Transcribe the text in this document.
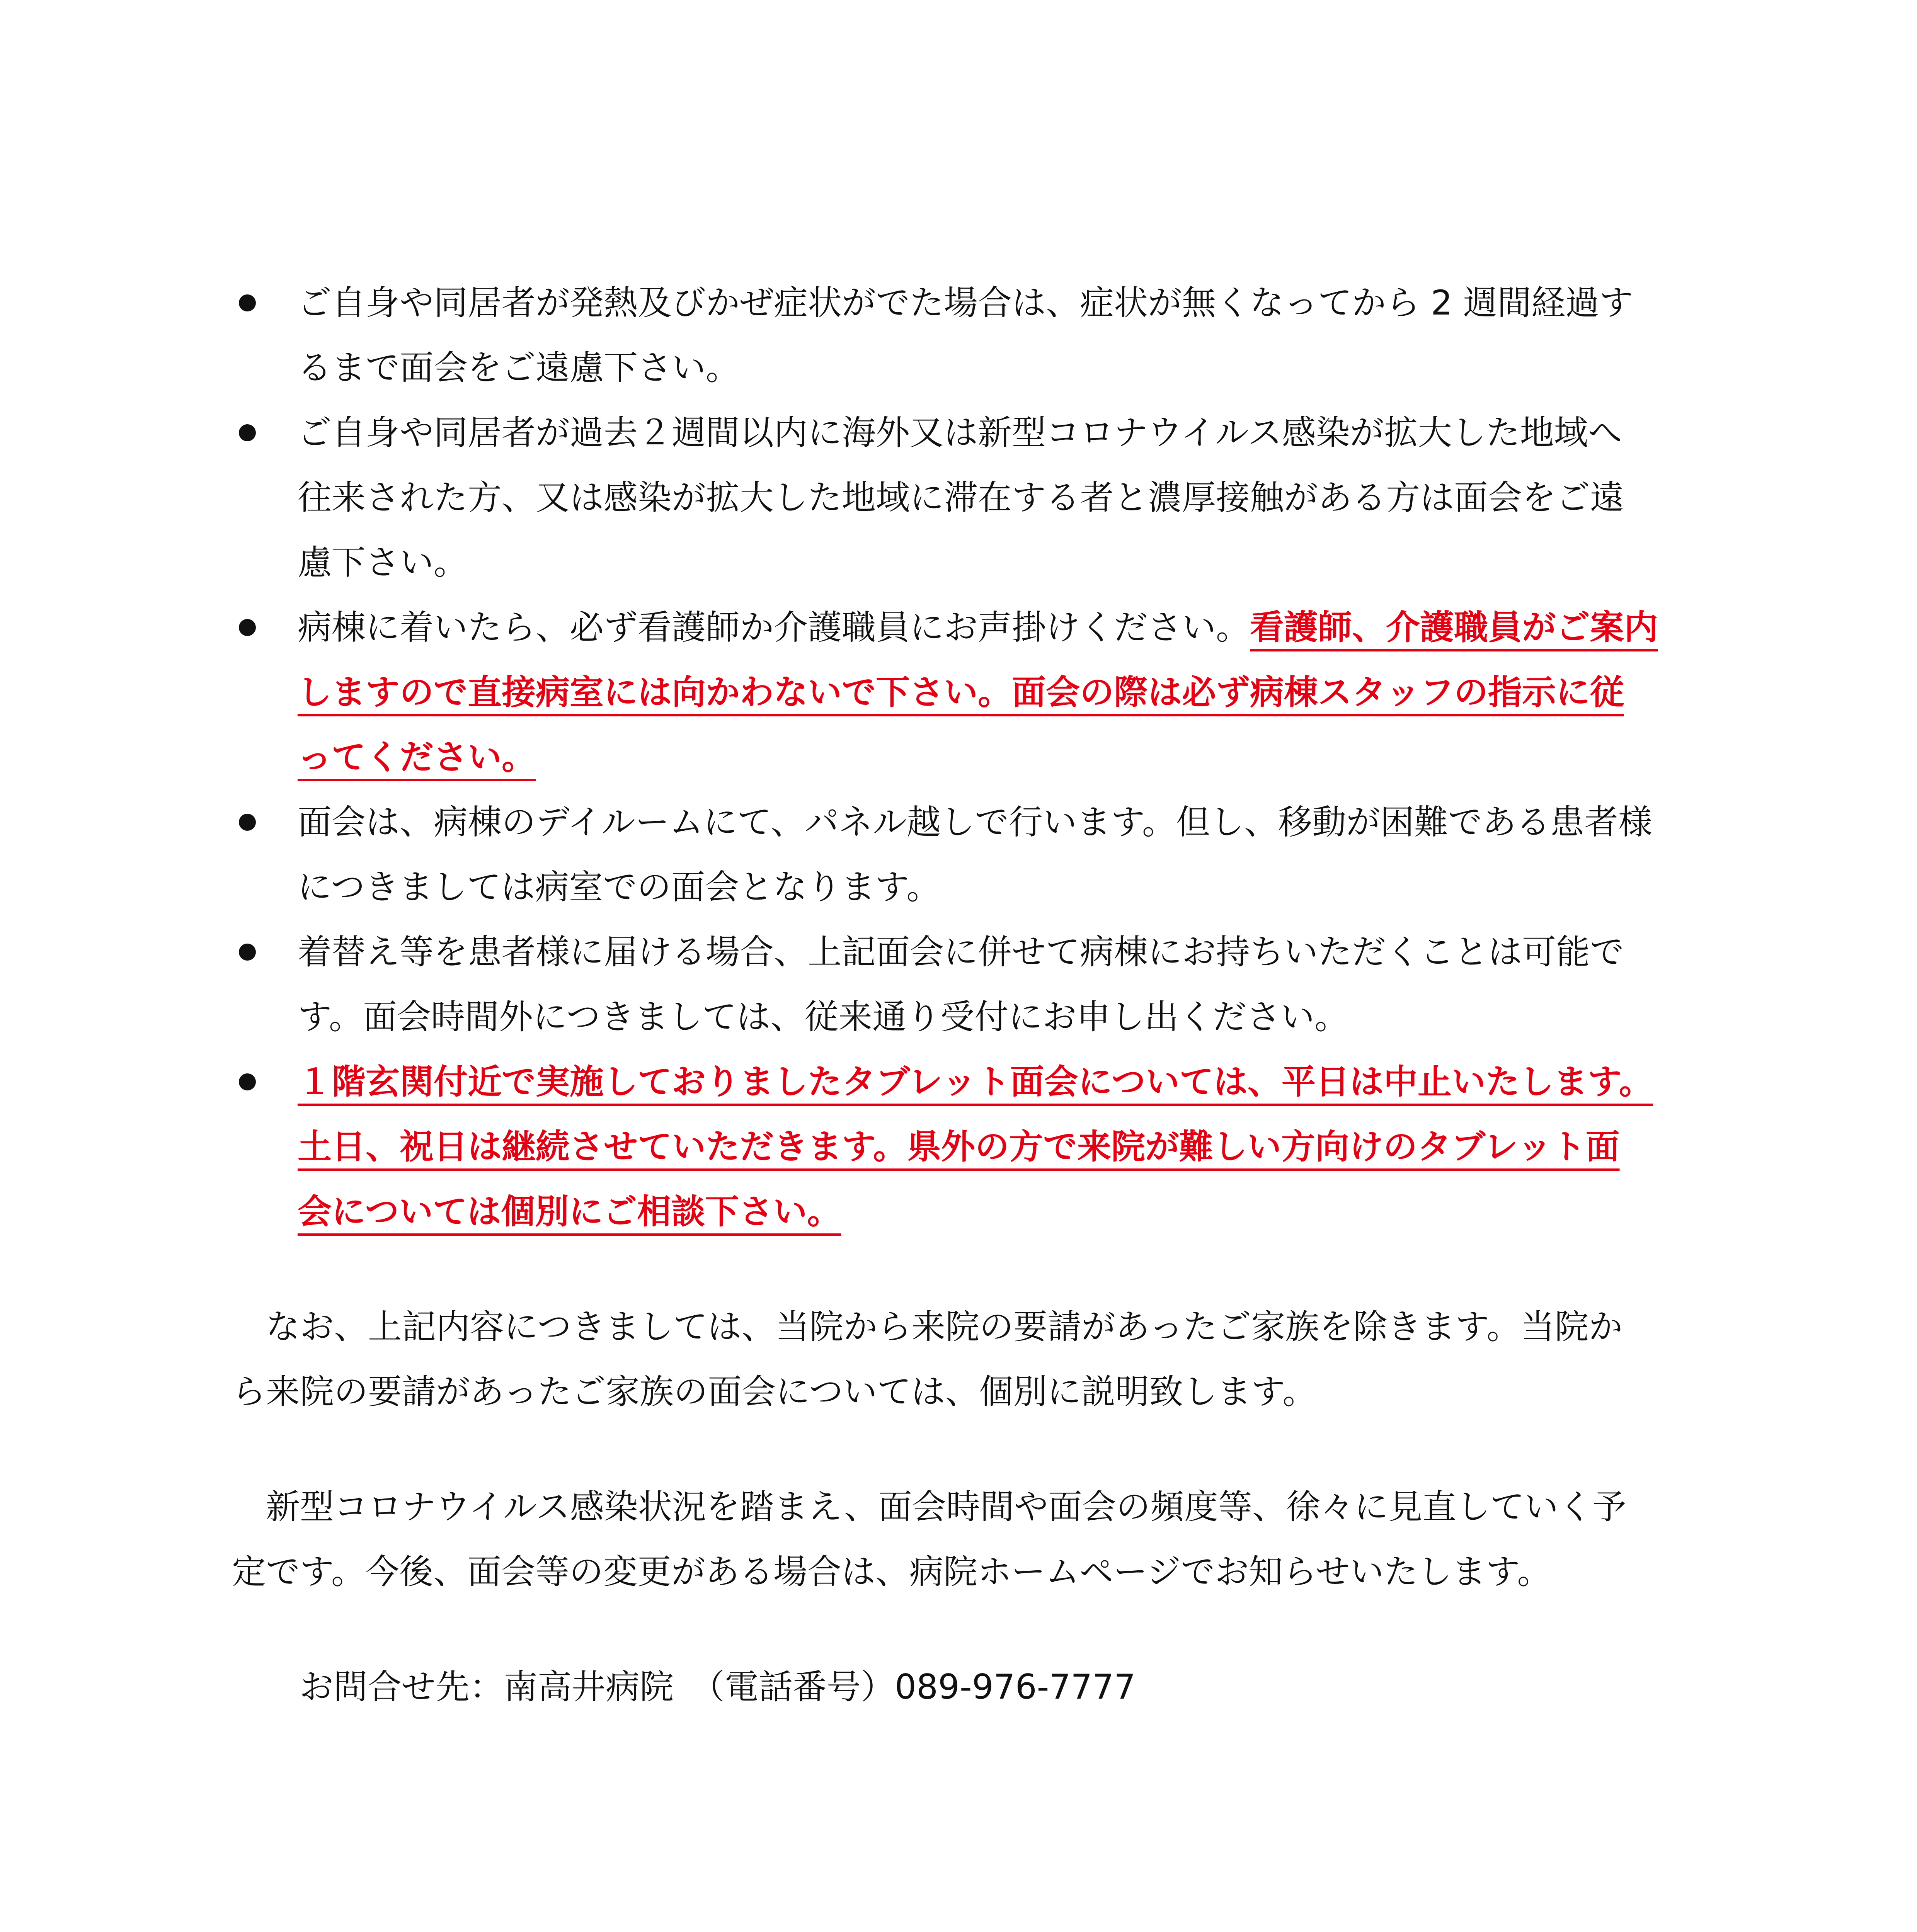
ご自身や同居者が発熱及びかぜ症状がでた場合は、症状が無くなってから 2 週間経過す
るまで面会をご遠慮下さい。
ご自身や同居者が過去２週間以内に海外又は新型コロナウイルス感染が拡大した地域へ
往来された方、又は感染が拡大した地域に滞在する者と濃厚接触がある方は面会をご遠
慮下さい。
病棟に着いたら、必ず看護師か介護職員にお声掛けください。看護師、介護職員がご案内
しますので直接病室には向かわないで下さい。面会の際は必ず病棟スタッフの指示に従
ってください。
面会は、病棟のデイルームにて、パネル越しで行います。但し、移動が困難である患者様
につきましては病室での面会となります。
着替え等を患者様に届ける場合、上記面会に併せて病棟にお持ちいただくことは可能で
す。面会時間外につきましては、従来通り受付にお申し出ください。
１階玄関付近で実施しておりましたタブレット面会については、平日は中止いたします。
土日、祝日は継続させていただきます。県外の方で来院が難しい方向けのタブレット面
会については個別にご相談下さい。
なお、上記内容につきましては、当院から来院の要請があったご家族を除きます。当院か
ら来院の要請があったご家族の面会については、個別に説明致します。
新型コロナウイルス感染状況を踏まえ、面会時間や面会の頻度等、徐々に見直していく予
定です。今後、面会等の変更がある場合は、病院ホームページでお知らせいたします。
お問合せ先：南高井病院　（電話番号）089-976-7777
